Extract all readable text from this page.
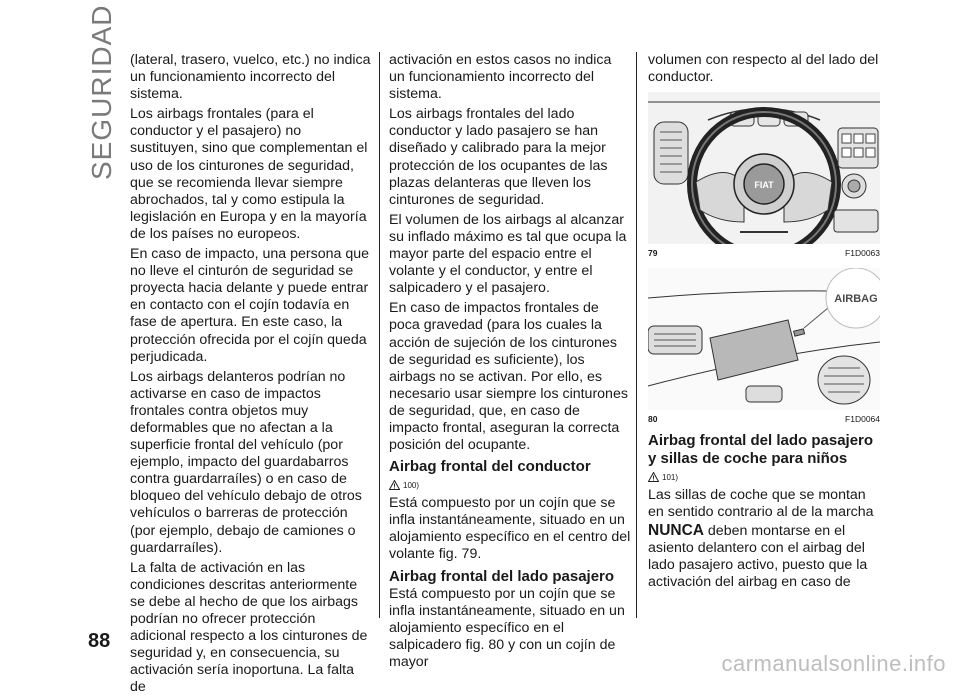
SEGURIDAD (lateral, trasero, vuelco, etc.) no indica un funcionamiento incorrecto del sistema.

Los airbags frontales (para el conductor y el pasajero) no sustituyen, sino que complementan el uso de los cinturones de seguridad, que se recomienda llevar siempre abrochados, tal y como estipula la legislación en Europa y en la mayoría de los países no europeos.

En caso de impacto, una persona que no lleve el cinturón de seguridad se proyecta hacia delante y puede entrar en contacto con el cojín todavía en fase de apertura. En este caso, la protección ofrecida por el cojín queda perjudicada.

Los airbags delanteros podrían no activarse en caso de impactos frontales contra objetos muy deformables que no afectan a la superficie frontal del vehículo (por ejemplo, impacto del guardabarros contra guardarraíles) o en caso de bloqueo del vehículo debajo de otros vehículos o barreras de protección (por ejemplo, debajo de camiones o guardarraíles).

La falta de activación en las condiciones descritas anteriormente se debe al hecho de que los airbags podrían no ofrecer protección adicional respecto a los cinturones de seguridad y, en consecuencia, su activación sería inoportuna. La falta de

activación en estos casos no indica un funcionamiento incorrecto del sistema.

Los airbags frontales del lado conductor y lado pasajero se han diseñado y calibrado para la mejor protección de los ocupantes de las plazas delanteras que lleven los cinturones de seguridad.

El volumen de los airbags al alcanzar su inflado máximo es tal que ocupa la mayor parte del espacio entre el volante y el conductor, y entre el salpicadero y el pasajero.

En caso de impactos frontales de poca gravedad (para los cuales la acción de sujeción de los cinturones de seguridad es suficiente), los airbags no se activan. Por ello, es necesario usar siempre los cinturones de seguridad, que, en caso de impacto frontal, aseguran la correcta posición del ocupante.

Airbag frontal del conductor
100)

Está compuesto por un cojín que se infla instantáneamente, situado en un alojamiento específico en el centro del volante fig. 79.

Airbag frontal del lado pasajero

Está compuesto por un cojín que se infla instantáneamente, situado en un alojamiento específico en el salpicadero fig. 80 y con un cojín de mayor

volumen con respecto al del lado del conductor.

FIAT
79	F1D0063
AIRBAG
80	F1D0064
Airbag frontal del lado pasajero y sillas de coche para niños
101)

Las sillas de coche que se montan en sentido contrario al de la marcha
NUNCA deben montarse en el asiento delantero con el airbag del lado pasajero activo, puesto que la activación del airbag en caso de

88
carmanualsonline.info
